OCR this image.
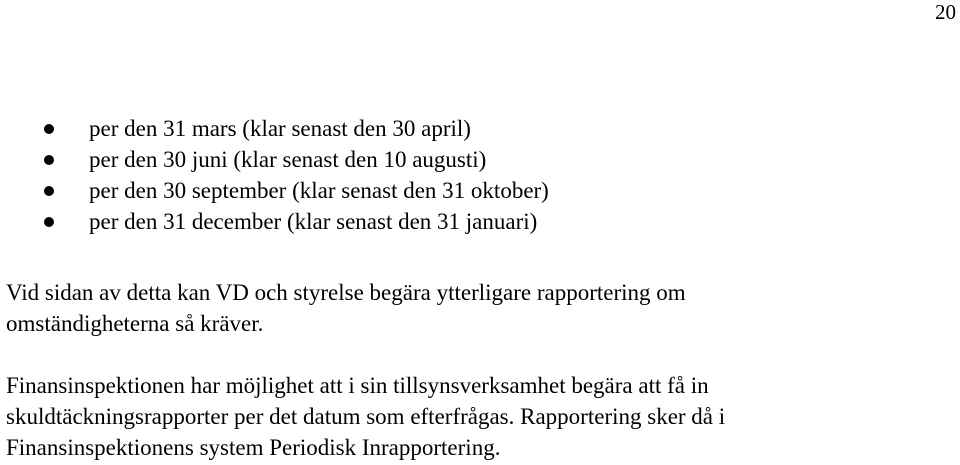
20
per den 31 mars (klar senast den 30 april)
per den 30 juni (klar senast den 10 augusti)
per den 30 september (klar senast den 31 oktober)
per den 31 december (klar senast den 31 januari)

Vid sidan av detta kan VD och styrelse begära ytterligare rapportering om
omständigheterna så kräver.

Finansinspektionen har möjlighet att i sin tillsynsverksamhet begära att få in
skuldtäckningsrapporter per det datum som efterfrågas. Rapportering sker då i
Finansinspektionens system Periodisk Inrapportering.
